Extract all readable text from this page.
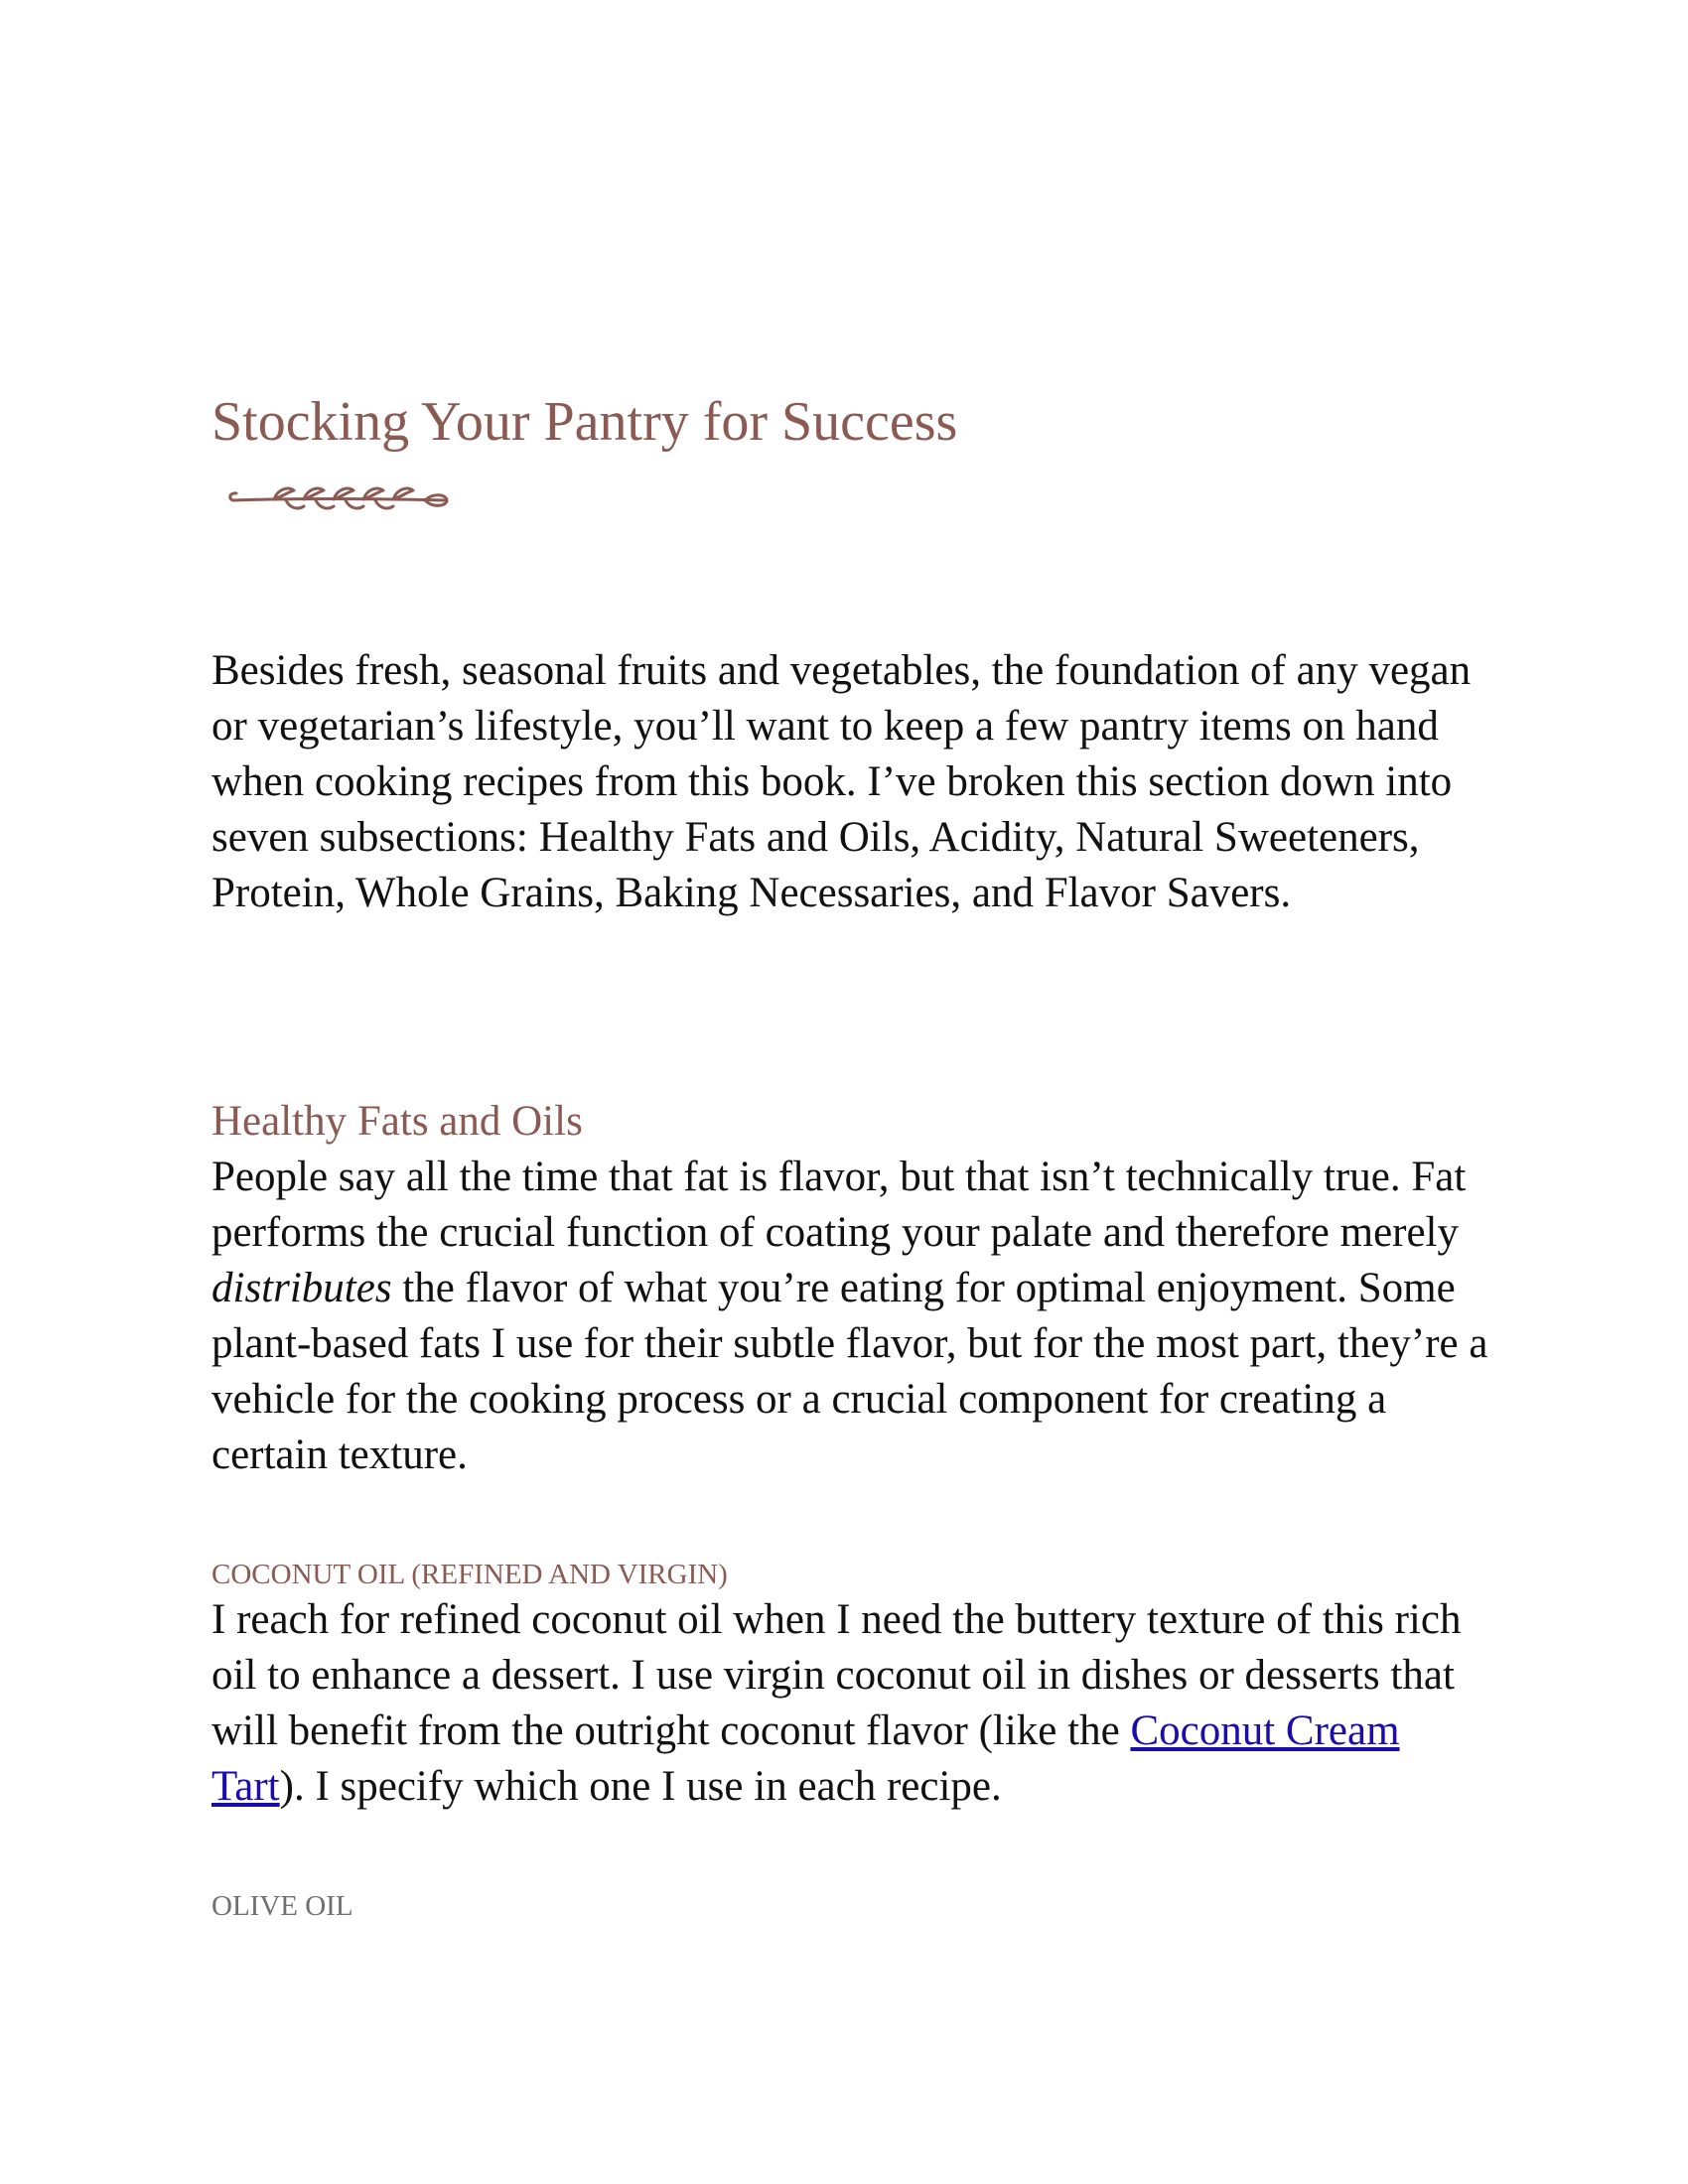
Stocking Your Pantry for Success

Besides fresh, seasonal fruits and vegetables, the foundation of any vegan or vegetarian’s lifestyle, you’ll want to keep a few pantry items on hand when cooking recipes from this book. I’ve broken this section down into seven subsections: Healthy Fats and Oils, Acidity, Natural Sweeteners, Protein, Whole Grains, Baking Necessaries, and Flavor Savers.

Healthy Fats and Oils

People say all the time that fat is flavor, but that isn’t technically true. Fat performs the crucial function of coating your palate and therefore merely distributes the flavor of what you’re eating for optimal enjoyment. Some plant-based fats I use for their subtle flavor, but for the most part, they’re a vehicle for the cooking process or a crucial component for creating a certain texture.

COCONUT OIL (REFINED AND VIRGIN)

I reach for refined coconut oil when I need the buttery texture of this rich oil to enhance a dessert. I use virgin coconut oil in dishes or desserts that will benefit from the outright coconut flavor (like the Coconut Cream Tart). I specify which one I use in each recipe.

OLIVE OIL
